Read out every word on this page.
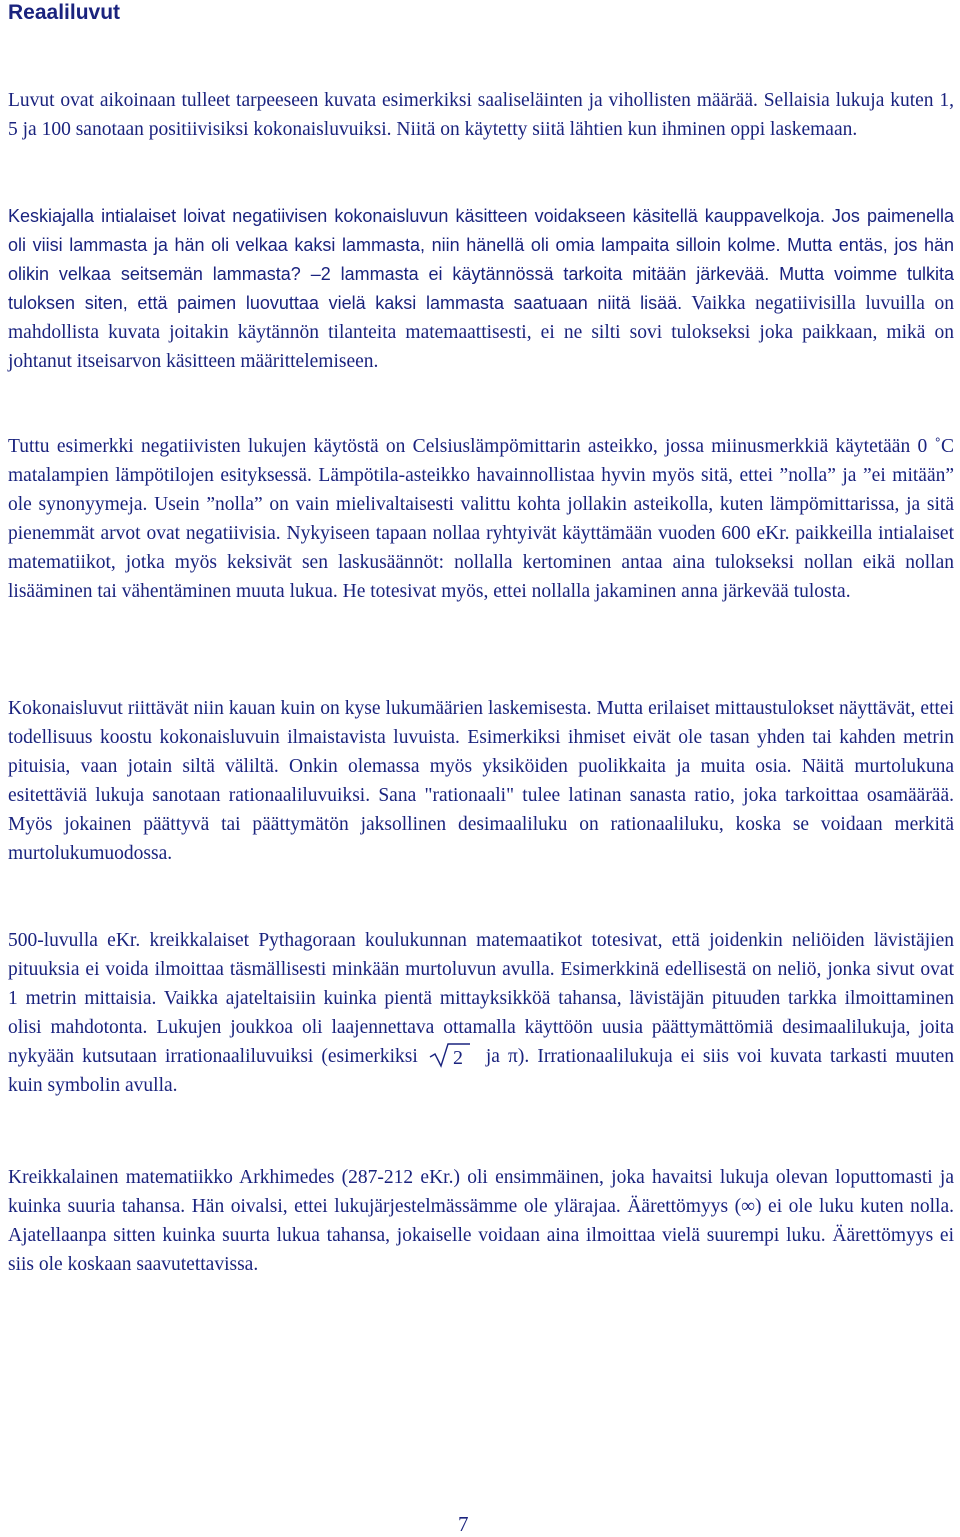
Reaaliluvut

Luvut ovat aikoinaan tulleet tarpeeseen kuvata esimerkiksi saaliseläinten ja vihollisten määrää. Sellaisia lukuja kuten 1, 5 ja 100 sanotaan positiivisiksi kokonaisluvuiksi. Niitä on käytetty siitä lähtien kun ihminen oppi laskemaan.

Keskiajalla intialaiset loivat negatiivisen kokonaisluvun käsitteen voidakseen käsitellä kauppavelkoja. Jos paimenella oli viisi lammasta ja hän oli velkaa kaksi lammasta, niin hänellä oli omia lampaita silloin kolme. Mutta entäs, jos hän olikin velkaa seitsemän lammasta? –2 lammasta ei käytännössä tarkoita mitään järkevää. Mutta voimme tulkita tuloksen siten, että paimen luovuttaa vielä kaksi lammasta saatuaan niitä lisää. Vaikka negatiivisilla luvuilla on mahdollista kuvata joitakin käytännön tilanteita matemaattisesti, ei ne silti sovi tulokseksi joka paikkaan, mikä on johtanut itseisarvon käsitteen määrittelemiseen.

Tuttu esimerkki negatiivisten lukujen käytöstä on Celsiuslämpömittarin asteikko, jossa miinusmerkkiä käytetään 0 ˚C matalampien lämpötilojen esityksessä. Lämpötila-asteikko havainnollistaa hyvin myös sitä, ettei ”nolla” ja ”ei mitään” ole synonyymeja. Usein ”nolla” on vain mielivaltaisesti valittu kohta jollakin asteikolla, kuten lämpömittarissa, ja sitä pienemmät arvot ovat negatiivisia. Nykyiseen tapaan nollaa ryhtyivät käyttämään vuoden 600 eKr. paikkeilla intialaiset matematiikot, jotka myös keksivät sen laskusäännöt: nollalla kertominen antaa aina tulokseksi nollan eikä nollan lisääminen tai vähentäminen muuta lukua. He totesivat myös, ettei nollalla jakaminen anna järkevää tulosta.

Kokonaisluvut riittävät niin kauan kuin on kyse lukumäärien laskemisesta. Mutta erilaiset mittaustulokset näyttävät, ettei todellisuus koostu kokonaisluvuin ilmaistavista luvuista. Esimerkiksi ihmiset eivät ole tasan yhden tai kahden metrin pituisia, vaan jotain siltä väliltä. Onkin olemassa myös yksiköiden puolikkaita ja muita osia. Näitä murtolukuna esitettäviä lukuja sanotaan rationaaliluvuiksi. Sana "rationaali" tulee latinan sanasta ratio, joka tarkoittaa osamäärää. Myös jokainen päättyvä tai päättymätön jaksollinen desimaaliluku on rationaaliluku, koska se voidaan merkitä murtolukumuodossa.

500-luvulla eKr. kreikkalaiset Pythagoraan koulukunnan matemaatikot totesivat, että joidenkin neliöiden lävistäjien pituuksia ei voida ilmoittaa täsmällisesti minkään murtoluvun avulla. Esimerkkinä edellisestä on neliö, jonka sivut ovat 1 metrin mittaisia. Vaikka ajateltaisiin kuinka pientä mittayksikköä tahansa, lävistäjän pituuden tarkka ilmoittaminen olisi mahdotonta. Lukujen joukkoa oli laajennettava ottamalla käyttöön uusia päättymättömiä desimaalilukuja, joita nykyään kutsutaan irrationaaliluvuiksi (esimerkiksi 2 ja π). Irrationaalilukuja ei siis voi kuvata tarkasti muuten kuin symbolin avulla.

Kreikkalainen matematiikko Arkhimedes (287-212 eKr.) oli ensimmäinen, joka havaitsi lukuja olevan loputtomasti ja kuinka suuria tahansa. Hän oivalsi, ettei lukujärjestelmässämme ole ylärajaa. Äärettömyys (∞) ei ole luku kuten nolla. Ajatellaanpa sitten kuinka suurta lukua tahansa, jokaiselle voidaan aina ilmoittaa vielä suurempi luku. Äärettömyys ei siis ole koskaan saavutettavissa.

7
